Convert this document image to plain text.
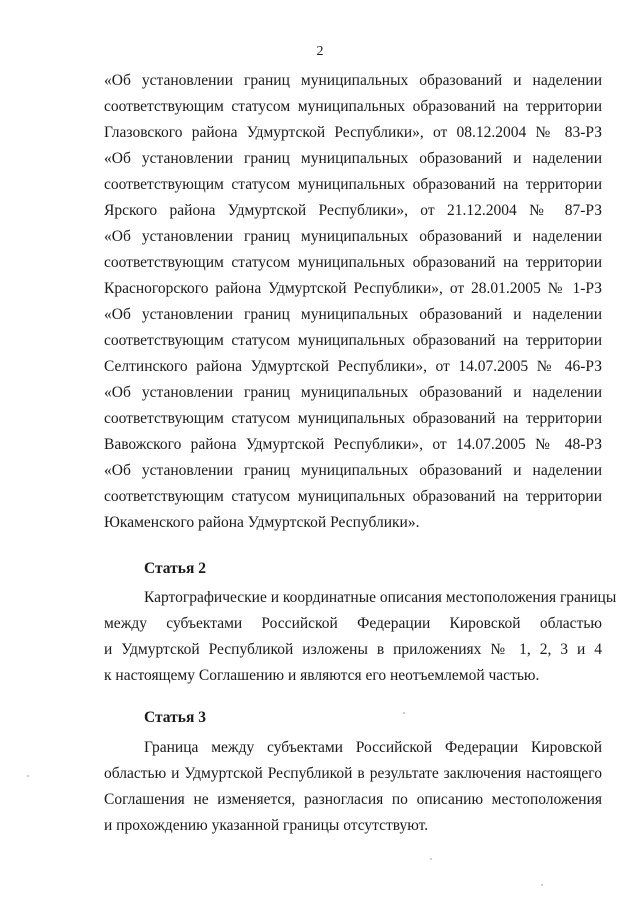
2
«Об установлении границ муниципальных образований и наделении
соответствующим статусом муниципальных образований на территории
Глазовского района Удмуртской Республики», от 08.12.2004 № 83-РЗ
«Об установлении границ муниципальных образований и наделении
соответствующим статусом муниципальных образований на территории
Ярского района Удмуртской Республики», от 21.12.2004 № 87-РЗ
«Об установлении границ муниципальных образований и наделении
соответствующим статусом муниципальных образований на территории
Красногорского района Удмуртской Республики», от 28.01.2005 № 1-РЗ
«Об установлении границ муниципальных образований и наделении
соответствующим статусом муниципальных образований на территории
Селтинского района Удмуртской Республики», от 14.07.2005 № 46-РЗ
«Об установлении границ муниципальных образований и наделении
соответствующим статусом муниципальных образований на территории
Вавожского района Удмуртской Республики», от 14.07.2005 № 48-РЗ
«Об установлении границ муниципальных образований и наделении
соответствующим статусом муниципальных образований на территории
Юкаменского района Удмуртской Республики».
Статья 2
Картографические и координатные описания местоположения границы
между субъектами Российской Федерации Кировской областью
и Удмуртской Республикой изложены в приложениях № 1, 2, 3 и 4
к настоящему Соглашению и являются его неотъемлемой частью.
Статья 3
Граница между субъектами Российской Федерации Кировской
областью и Удмуртской Республикой в результате заключения настоящего
Соглашения не изменяется, разногласия по описанию местоположения
и прохождению указанной границы отсутствуют.
